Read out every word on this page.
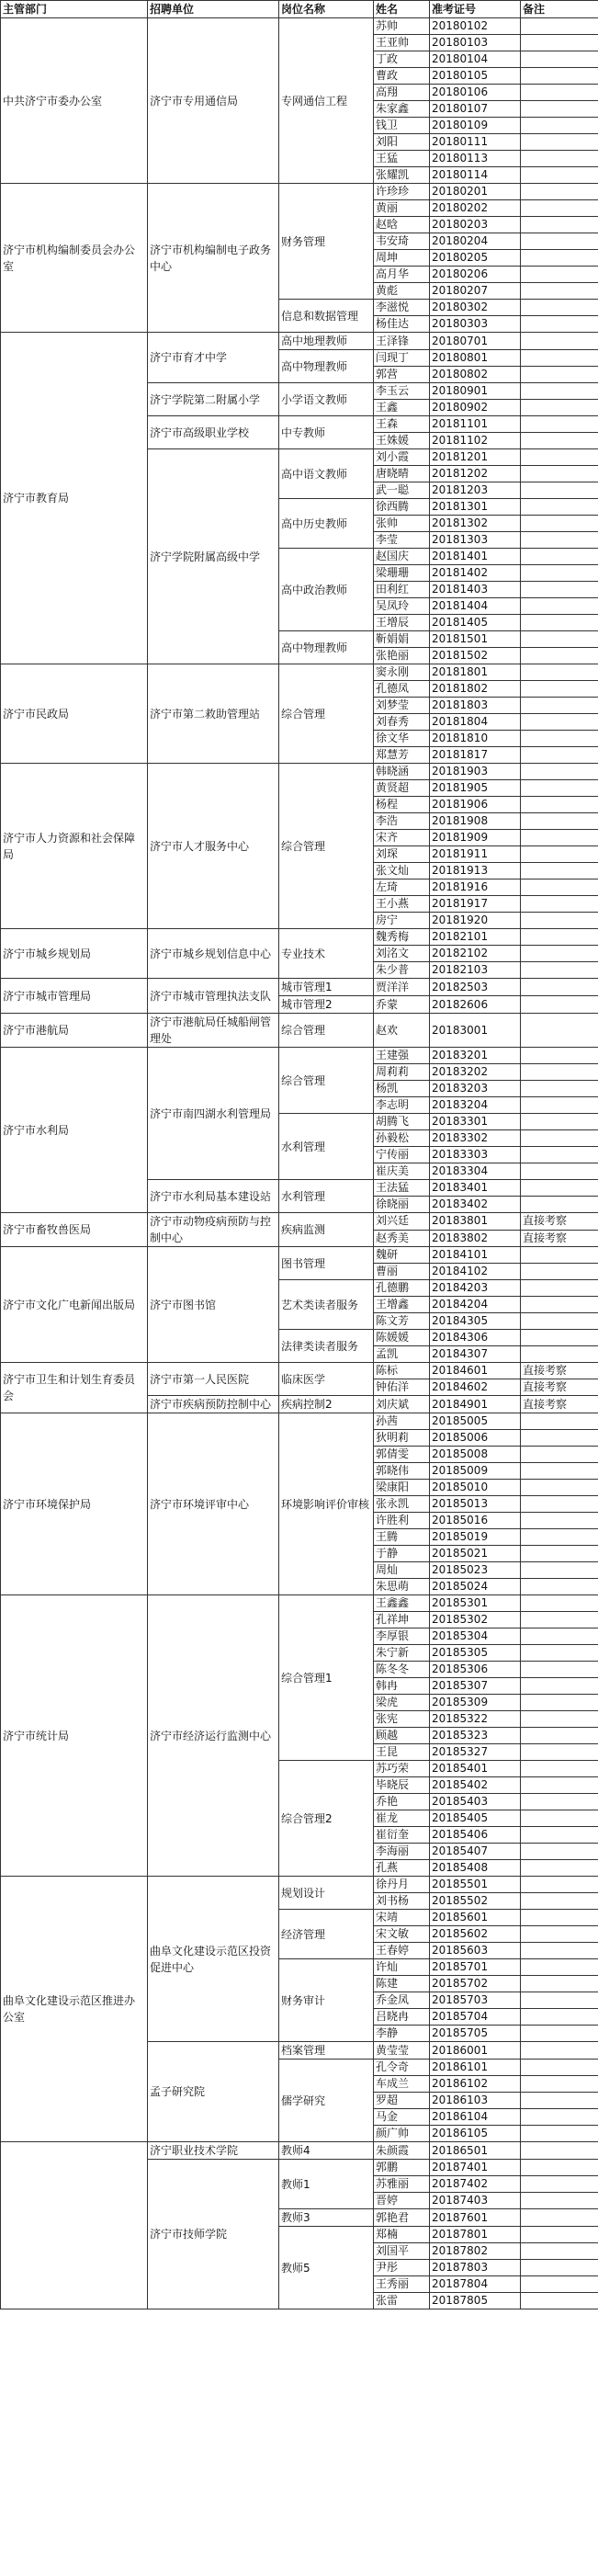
主管部门	招聘单位	岗位名称	姓名	准考证号	备注
中共济宁市委办公室	济宁市专用通信局	专网通信工程	苏帅	20180102	
			王亚帅	20180103	
			丁政	20180104	
			曹政	20180105	
			高翔	20180106	
			朱家鑫	20180107	
			钱卫	20180109	
			刘阳	20180111	
			王猛	20180113	
			张耀凯	20180114	
济宁市机构编制委员会办公室	济宁市机构编制电子政务中心	财务管理	许珍珍	20180201	
			黄丽	20180202	
			赵晗	20180203	
			韦安琦	20180204	
			周坤	20180205	
			高月华	20180206	
			黄彪	20180207	
		信息和数据管理	李滋悦	20180302	
			杨佳达	20180303	
济宁市教育局	济宁市育才中学	高中地理教师	王泽锋	20180701	
		高中物理教师	闫现丁	20180801	
			郭营	20180802	
	济宁学院第二附属小学	小学语文教师	李玉云	20180901	
			王鑫	20180902	
	济宁市高级职业学校	中专教师	王森	20181101	
			王姝媛	20181102	
	济宁学院附属高级中学	高中语文教师	刘小霞	20181201	
			唐晓晴	20181202	
			武一聪	20181203	
		高中历史教师	徐西腾	20181301	
			张帅	20181302	
			李莹	20181303	
		高中政治教师	赵国庆	20181401	
			梁珊珊	20181402	
			田利红	20181403	
			吴凤玲	20181404	
			王增辰	20181405	
		高中物理教师	靳娟娟	20181501	
			张艳丽	20181502	
济宁市民政局	济宁市第二救助管理站	综合管理	窦永刚	20181801	
			孔德凤	20181802	
			刘梦莹	20181803	
			刘春秀	20181804	
			徐文华	20181810	
			郑慧芳	20181817	
济宁市人力资源和社会保障局	济宁市人才服务中心	综合管理	韩晓涵	20181903	
			黄贤超	20181905	
			杨程	20181906	
			李浩	20181908	
			宋齐	20181909	
			刘琛	20181911	
			张文灿	20181913	
			左琦	20181916	
			王小燕	20181917	
			房宁	20181920	
济宁市城乡规划局	济宁市城乡规划信息中心	专业技术	魏秀梅	20182101	
			刘洺文	20182102	
			朱少普	20182103	
济宁市城市管理局	济宁市城市管理执法支队	城市管理1	贾洋洋	20182503	
		城市管理2	乔蒙	20182606	
济宁市港航局	济宁市港航局任城船闸管理处	综合管理	赵欢	20183001	
济宁市水利局	济宁市南四湖水利管理局	综合管理	王建强	20183201	
			周莉莉	20183202	
			杨凯	20183203	
			李志明	20183204	
		水利管理	胡腾飞	20183301	
			孙毅松	20183302	
			宁传丽	20183303	
			崔庆美	20183304	
	济宁市水利局基本建设站	水利管理	王法猛	20183401	
			徐晓丽	20183402	
济宁市畜牧兽医局	济宁市动物疫病预防与控制中心	疾病监测	刘兴廷	20183801	直接考察
			赵秀美	20183802	直接考察
济宁市文化广电新闻出版局	济宁市图书馆	图书管理	魏研	20184101	
			曹丽	20184102	
		艺术类读者服务	孔德鹏	20184203	
			王增鑫	20184204	
			陈文芳	20184305	
		法律类读者服务	陈媛媛	20184306	
			孟凯	20184307	
济宁市卫生和计划生育委员会	济宁市第一人民医院	临床医学	陈标	20184601	直接考察
			钟佑洋	20184602	直接考察
	济宁市疾病预防控制中心	疾病控制2	刘庆斌	20184901	直接考察
济宁市环境保护局	济宁市环境评审中心	环境影响评价审核	孙茜	20185005	
			狄明莉	20185006	
			郭倩雯	20185008	
			郭晓伟	20185009	
			梁康阳	20185010	
			张永凯	20185013	
			许胜利	20185016	
			王腾	20185019	
			于静	20185021	
			周灿	20185023	
			朱思萌	20185024	
济宁市统计局	济宁市经济运行监测中心	综合管理1	王鑫鑫	20185301	
			孔祥坤	20185302	
			李厚银	20185304	
			朱宁新	20185305	
			陈冬冬	20185306	
			韩冉	20185307	
			梁虎	20185309	
			张宪	20185322	
			顾越	20185323	
			王昆	20185327	
		综合管理2	苏巧荣	20185401	
			毕晓辰	20185402	
			乔艳	20185403	
			崔龙	20185405	
			崔衍奎	20185406	
			李海丽	20185407	
			孔燕	20185408	
曲阜文化建设示范区推进办公室	曲阜文化建设示范区投资促进中心	规划设计	徐丹月	20185501	
			刘书杨	20185502	
		经济管理	宋靖	20185601	
			宋文敏	20185602	
			王春婷	20185603	
		财务审计	许灿	20185701	
			陈建	20185702	
			乔金凤	20185703	
			吕晓冉	20185704	
			李静	20185705	
	孟子研究院	档案管理	黄莹莹	20186001	
		儒学研究	孔令奇	20186101	
			车成兰	20186102	
			罗超	20186103	
			马金	20186104	
			颜广帅	20186105	
	济宁职业技术学院	教师4	朱颜霞	20186501	
	济宁市技师学院	教师1	郭鹏	20187401	
			苏雅丽	20187402	
			晋婷	20187403	
		教师3	郭艳君	20187601	
		教师5	郑楠	20187801	
			刘国平	20187802	
			尹彤	20187803	
			王秀丽	20187804	
			张雷	20187805	
